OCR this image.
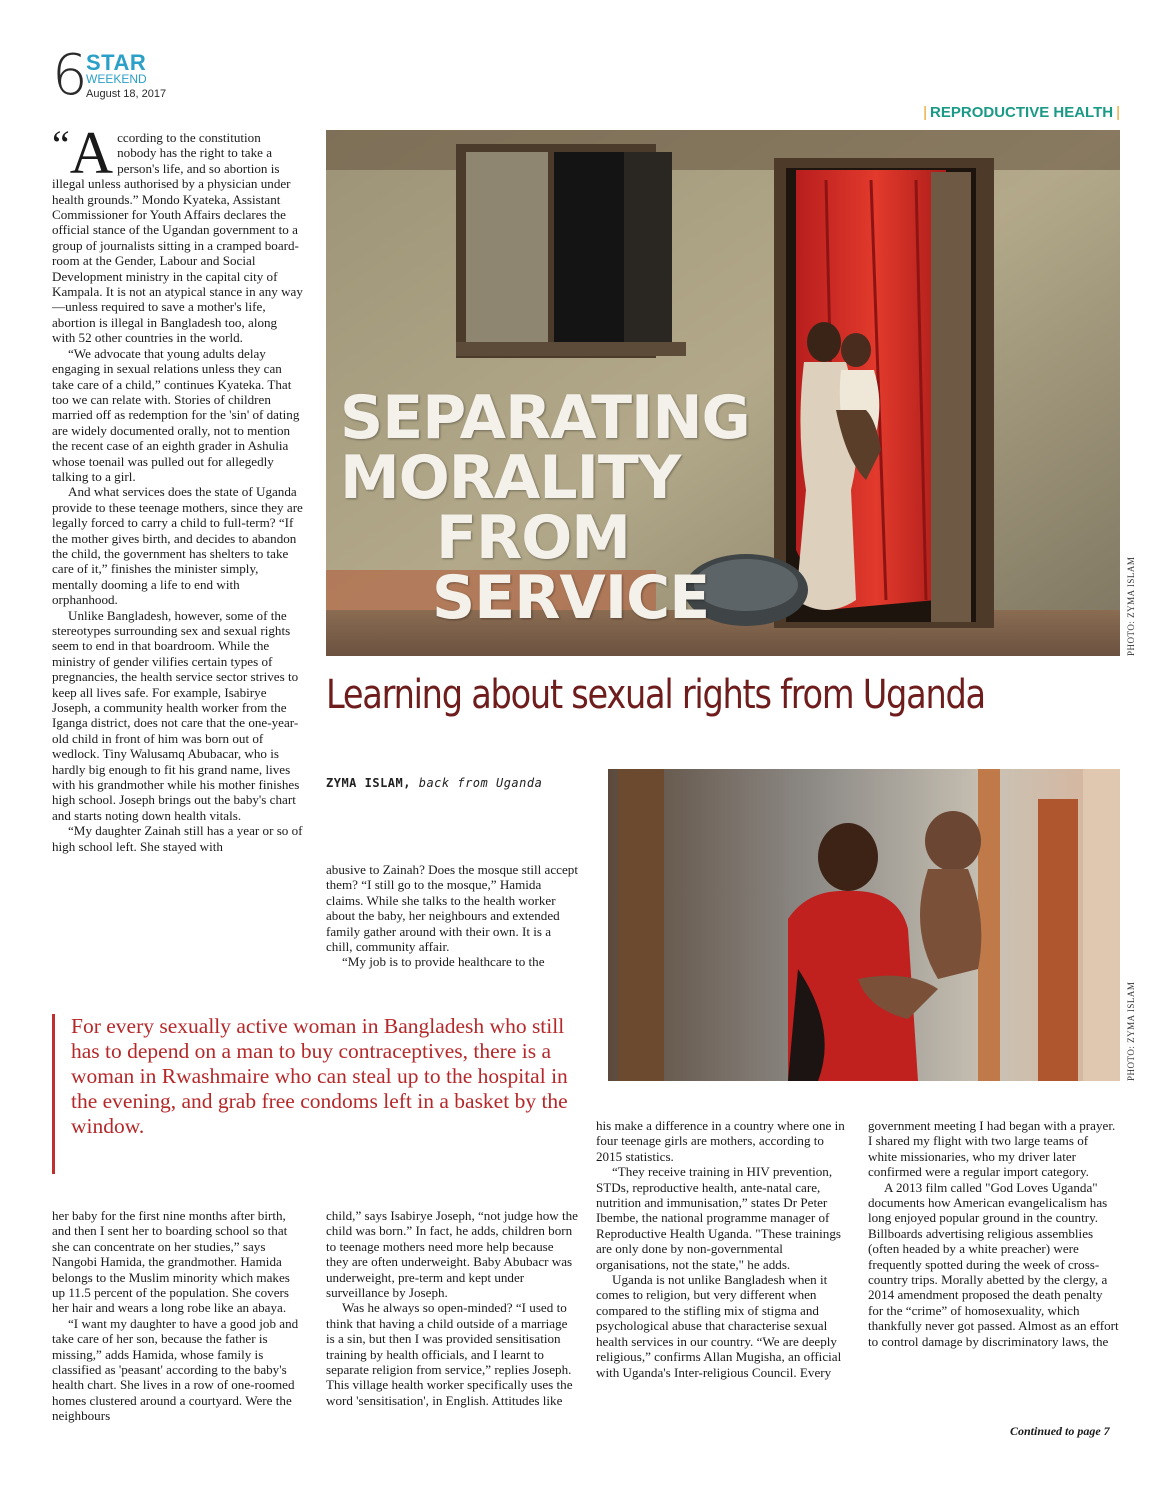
6
STAR
WEEKEND
August 18, 2017
| REPRODUCTIVE HEALTH |

“A ccording to the constitution nobody has the right to take a person's life, and so abortion is illegal unless authorised by a physician under health grounds.” Mondo Kyateka, Assistant Commissioner for Youth Affairs declares the official stance of the Ugandan government to a group of journalists sitting in a cramped board-room at the Gender, Labour and Social Development ministry in the capital city of Kampala. It is not an atypical stance in any way—unless required to save a mother's life, abortion is illegal in Bangladesh too, along with 52 other countries in the world.

“We advocate that young adults delay engaging in sexual relations unless they can take care of a child,” continues Kyateka. That too we can relate with. Stories of children married off as redemption for the 'sin' of dating are widely documented orally, not to mention the recent case of an eighth grader in Ashulia whose toenail was pulled out for allegedly talking to a girl.

And what services does the state of Uganda provide to these teenage mothers, since they are legally forced to carry a child to full-term? “If the mother gives birth, and decides to abandon the child, the government has shelters to take care of it,” finishes the minister simply, mentally dooming a life to end with orphanhood.

Unlike Bangladesh, however, some of the stereotypes surrounding sex and sexual rights seem to end in that boardroom. While the ministry of gender vilifies certain types of pregnancies, the health service sector strives to keep all lives safe. For example, Isabirye Joseph, a community health worker from the Iganga district, does not care that the one-year-old child in front of him was born out of wedlock. Tiny Walusamq Abubacar, who is hardly big enough to fit his grand name, lives with his grandmother while his mother finishes high school. Joseph brings out the baby's chart and starts noting down health vitals.

“My daughter Zainah still has a year or so of high school left. She stayed with

PHOTO: ZYMA ISLAM
SEPARATING
MORALITY
FROM
SERVICE
Learning about sexual rights from Uganda
ZYMA ISLAM, back from Uganda

abusive to Zainah? Does the mosque still accept them? “I still go to the mosque,” Hamida claims. While she talks to the health worker about the baby, her neighbours and extended family gather around with their own. It is a chill, community affair.

“My job is to provide healthcare to the

PHOTO: ZYMA ISLAM
For every sexually active woman in Bangladesh who still has to depend on a man to buy contraceptives, there is a woman in Rwashmaire who can steal up to the hospital in the evening, and grab free condoms left in a basket by the window.

her baby for the first nine months after birth, and then I sent her to boarding school so that she can concentrate on her studies,” says Nangobi Hamida, the grandmother. Hamida belongs to the Muslim minority which makes up 11.5 percent of the population. She covers her hair and wears a long robe like an abaya.

“I want my daughter to have a good job and take care of her son, because the father is missing,” adds Hamida, whose family is classified as 'peasant' according to the baby's health chart. She lives in a row of one-roomed homes clustered around a courtyard. Were the neighbours

child,” says Isabirye Joseph, “not judge how the child was born.” In fact, he adds, children born to teenage mothers need more help because they are often underweight. Baby Abubacr was underweight, pre-term and kept under surveillance by Joseph.

Was he always so open-minded? “I used to think that having a child outside of a marriage is a sin, but then I was provided sensitisation training by health officials, and I learnt to separate religion from service,” replies Joseph. This village health worker specifically uses the word 'sensitisation', in English. Attitudes like

his make a difference in a country where one in four teenage girls are mothers, according to 2015 statistics.

“They receive training in HIV prevention, STDs, reproductive health, ante-natal care, nutrition and immunisation,” states Dr Peter Ibembe, the national programme manager of Reproductive Health Uganda. "These trainings are only done by non-governmental organisations, not the state," he adds.

Uganda is not unlike Bangladesh when it comes to religion, but very different when compared to the stifling mix of stigma and psychological abuse that characterise sexual health services in our country. “We are deeply religious,” confirms Allan Mugisha, an official with Uganda's Inter-religious Council. Every

government meeting I had began with a prayer. I shared my flight with two large teams of white missionaries, who my driver later confirmed were a regular import category.

A 2013 film called "God Loves Uganda" documents how American evangelicalism has long enjoyed popular ground in the country. Billboards advertising religious assemblies (often headed by a white preacher) were frequently spotted during the week of cross-country trips. Morally abetted by the clergy, a 2014 amendment proposed the death penalty for the “crime” of homosexuality, which thankfully never got passed. Almost as an effort to control damage by discriminatory laws, the

Continued to page 7
